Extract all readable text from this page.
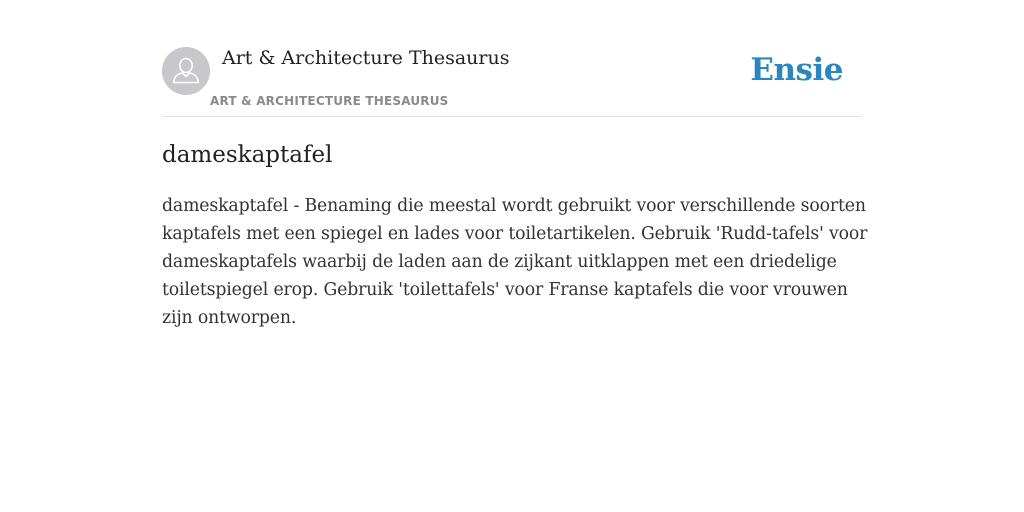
Art & Architecture Thesaurus
ART & ARCHITECTURE THESAURUS
Ensie
dameskaptafel

dameskaptafel - Benaming die meestal wordt gebruikt voor verschillende soorten kaptafels met een spiegel en lades voor toiletartikelen. Gebruik 'Rudd-tafels' voor dameskaptafels waarbij de laden aan de zijkant uitklappen met een driedelige toiletspiegel erop. Gebruik 'toilettafels' voor Franse kaptafels die voor vrouwen zijn ontworpen.
